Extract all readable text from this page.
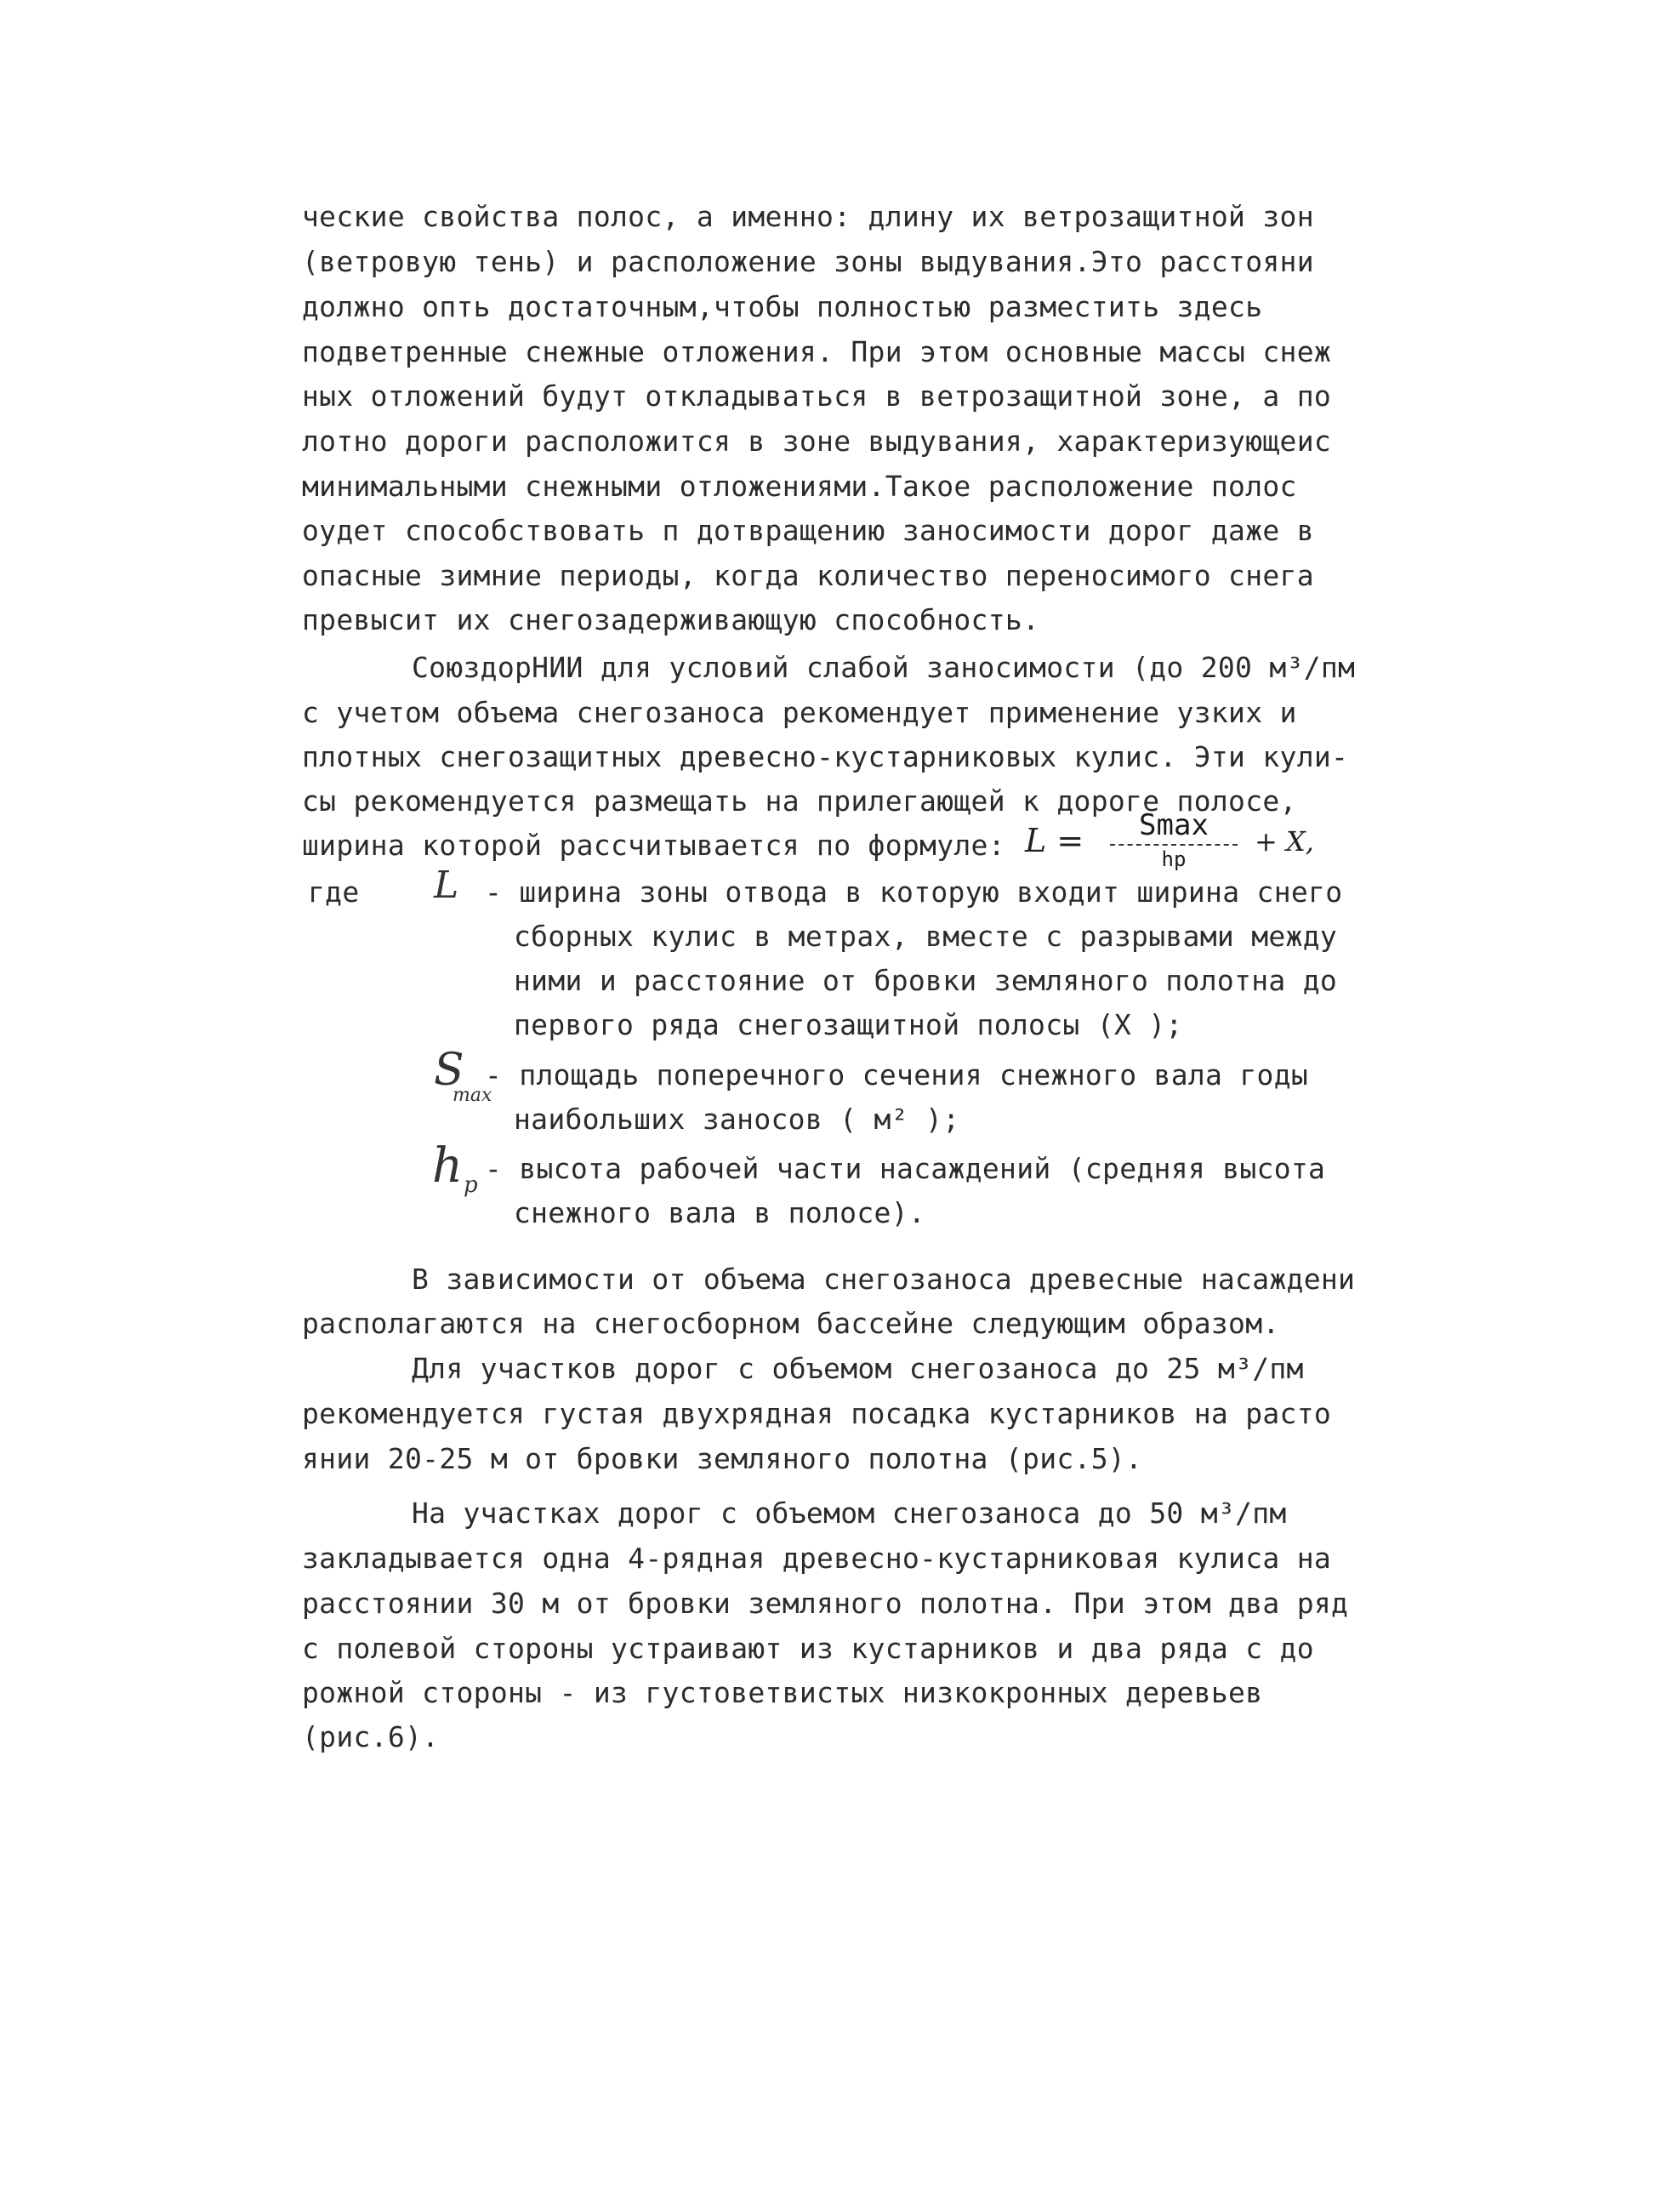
ческие свойства полос, а именно: длину их ветрозащитной зон
(ветровую тень) и расположение зоны выдувания.Это расстояни
должно опть достаточным,чтобы полностью разместить здесь
подветренные снежные отложения. При этом основные массы снеж
ных отложений будут откладываться в ветрозащитной зоне, а по
лотно дороги расположится в зоне выдувания, характеризующеис
минимальными снежными отложениями.Такое расположение полос
оудет способствовать п дотвращению заносимости дорог даже в
опасные зимние периоды, когда количество переносимого снега
превысит их снегозадерживающую способность.
СоюздорНИИ для условий слабой заносимости (до 200 м³/пм
с учетом объема снегозаноса рекомендует применение узких и
плотных снегозащитных древесно-кустарниковых кулис. Эти кули-
сы рекомендуется размещать на прилегающей к дороге полосе,
ширина которой рассчитывается по формуле: L =	Smax
hp
+ X,
где L - ширина зоны отвода в которую входит ширина снего
сборных кулис в метрах, вместе с разрывами между
ними и расстояние от бровки земляного полотна до
первого ряда снегозащитной полосы (X );
S
max
- площадь поперечного сечения снежного вала годы
наибольших заносов ( м² );
h p - высота рабочей части насаждений (средняя высота
снежного вала в полосе).
В зависимости от объема снегозаноса древесные насаждени
располагаются на снегосборном бассейне следующим образом.
Для участков дорог с объемом снегозаноса до 25 м³/пм
рекомендуется густая двухрядная посадка кустарников на расто
янии 20-25 м от бровки земляного полотна (рис.5).
На участках дорог с объемом снегозаноса до 50 м³/пм
закладывается одна 4-рядная древесно-кустарниковая кулиса на
расстоянии 30 м от бровки земляного полотна. При этом два ряд
с полевой стороны устраивают из кустарников и два ряда с до
рожной стороны - из густоветвистых низкокронных деревьев
(рис.6).
